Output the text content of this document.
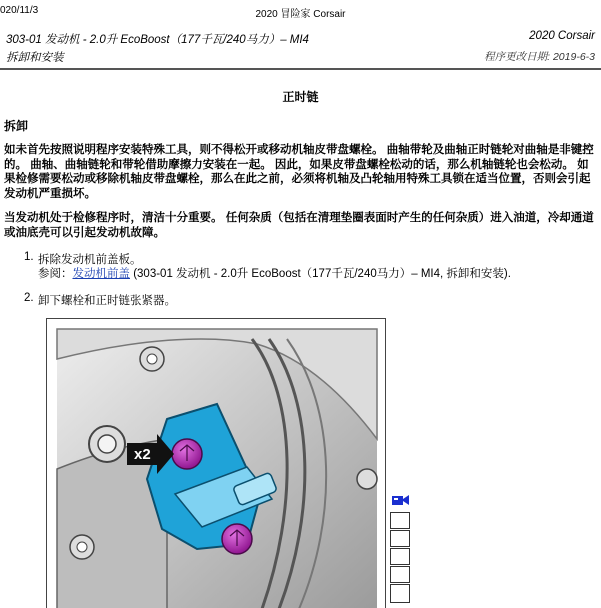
020/11/3	2020 冒险家 Corsair
303-01 发动机 - 2.0升 EcoBoost（177千瓦/240马力）– MI4	2020 Corsair
拆卸和安装	程序更改日期: 2019-6-3
正时链
拆卸
如未首先按照说明程序安装特殊工具，则不得松开或移动机轴皮带盘螺栓。 曲轴带轮及曲轴正时链轮对曲轴是非键控的。 曲轴、曲轴链轮和带轮借助摩擦力安装在一起。 因此，如果皮带盘螺栓松动的话，那么机轴链轮也会松动。 如果检修需要松动或移除机轴皮带盘螺栓，那么在此之前，必须将机轴及凸轮轴用特殊工具锁在适当位置，否则会引起发动机严重损坏。
当发动机处于检修程序时，清洁十分重要。 任何杂质（包括在清理垫圈表面时产生的任何杂质）进入油道，冷却通道或油底壳可以引起发动机故障。
1. 拆除发动机前盖板。
参阅：发动机前盖 (303-01 发动机 - 2.0升 EcoBoost（177千瓦/240马力）– MI4, 拆卸和安装).
2. 卸下螺栓和正时链张紧器。
x2
